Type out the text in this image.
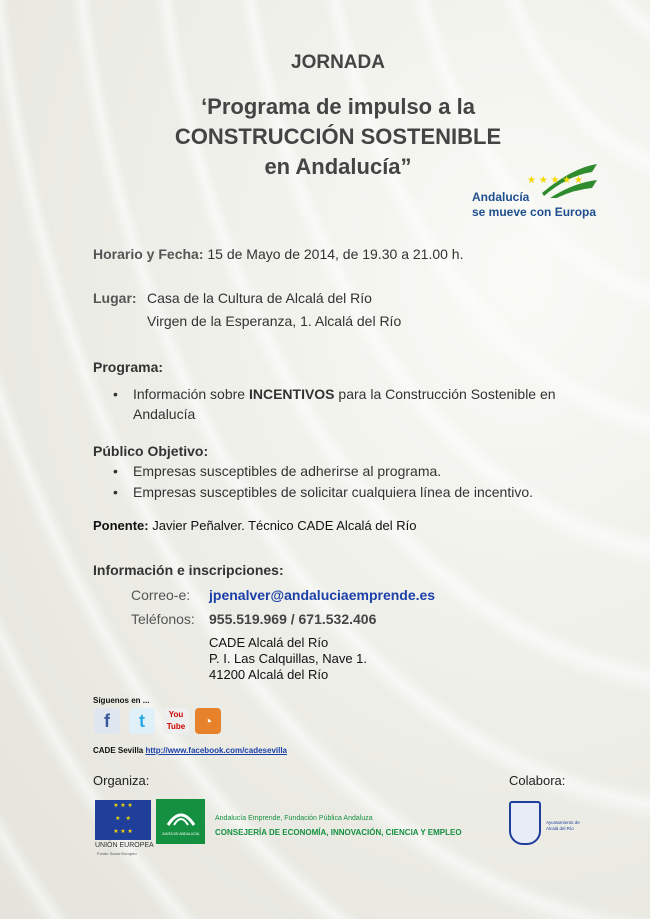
JORNADA
‘Programa de impulso a la
CONSTRUCCIÓN SOSTENIBLE
en Andalucía”
★ ★ ★ ★ ★
Andalucía
se mueve con Europa
Horario y Fecha: 15 de Mayo de 2014, de 19.30 a 21.00 h.
Lugar: Casa de la Cultura de Alcalá del Río
Virgen de la Esperanza, 1. Alcalá del Río
Programa:
• Información sobre INCENTIVOS para la Construcción Sostenible en Andalucía
Público Objetivo:
• Empresas susceptibles de adherirse al programa.
• Empresas susceptibles de solicitar cualquiera línea de incentivo.
Ponente: Javier Peñalver. Técnico CADE Alcalá del Río
Información e inscripciones:
Correo-e: jpenalver@andaluciaemprende.es
Teléfonos: 955.519.969 / 671.532.406
CADE Alcalá del Río
P. I. Las Calquillas, Nave 1.
41200 Alcalá del Río
Síguenos en ...
f	t	You
Tube	◔
CADE Sevilla http://www.facebook.com/cadesevilla
Organiza:	Colabora:
★ ★ ★
★   ★
★ ★ ★
UNIÓN EUROPEA
Fondo Social Europeo
JUNTA DE ANDALUCIA
Andalucía Emprende, Fundación Pública Andaluza
CONSEJERÍA DE ECONOMÍA, INNOVACIÓN, CIENCIA Y EMPLEO
Ayuntamiento de
Alcalá del Río
